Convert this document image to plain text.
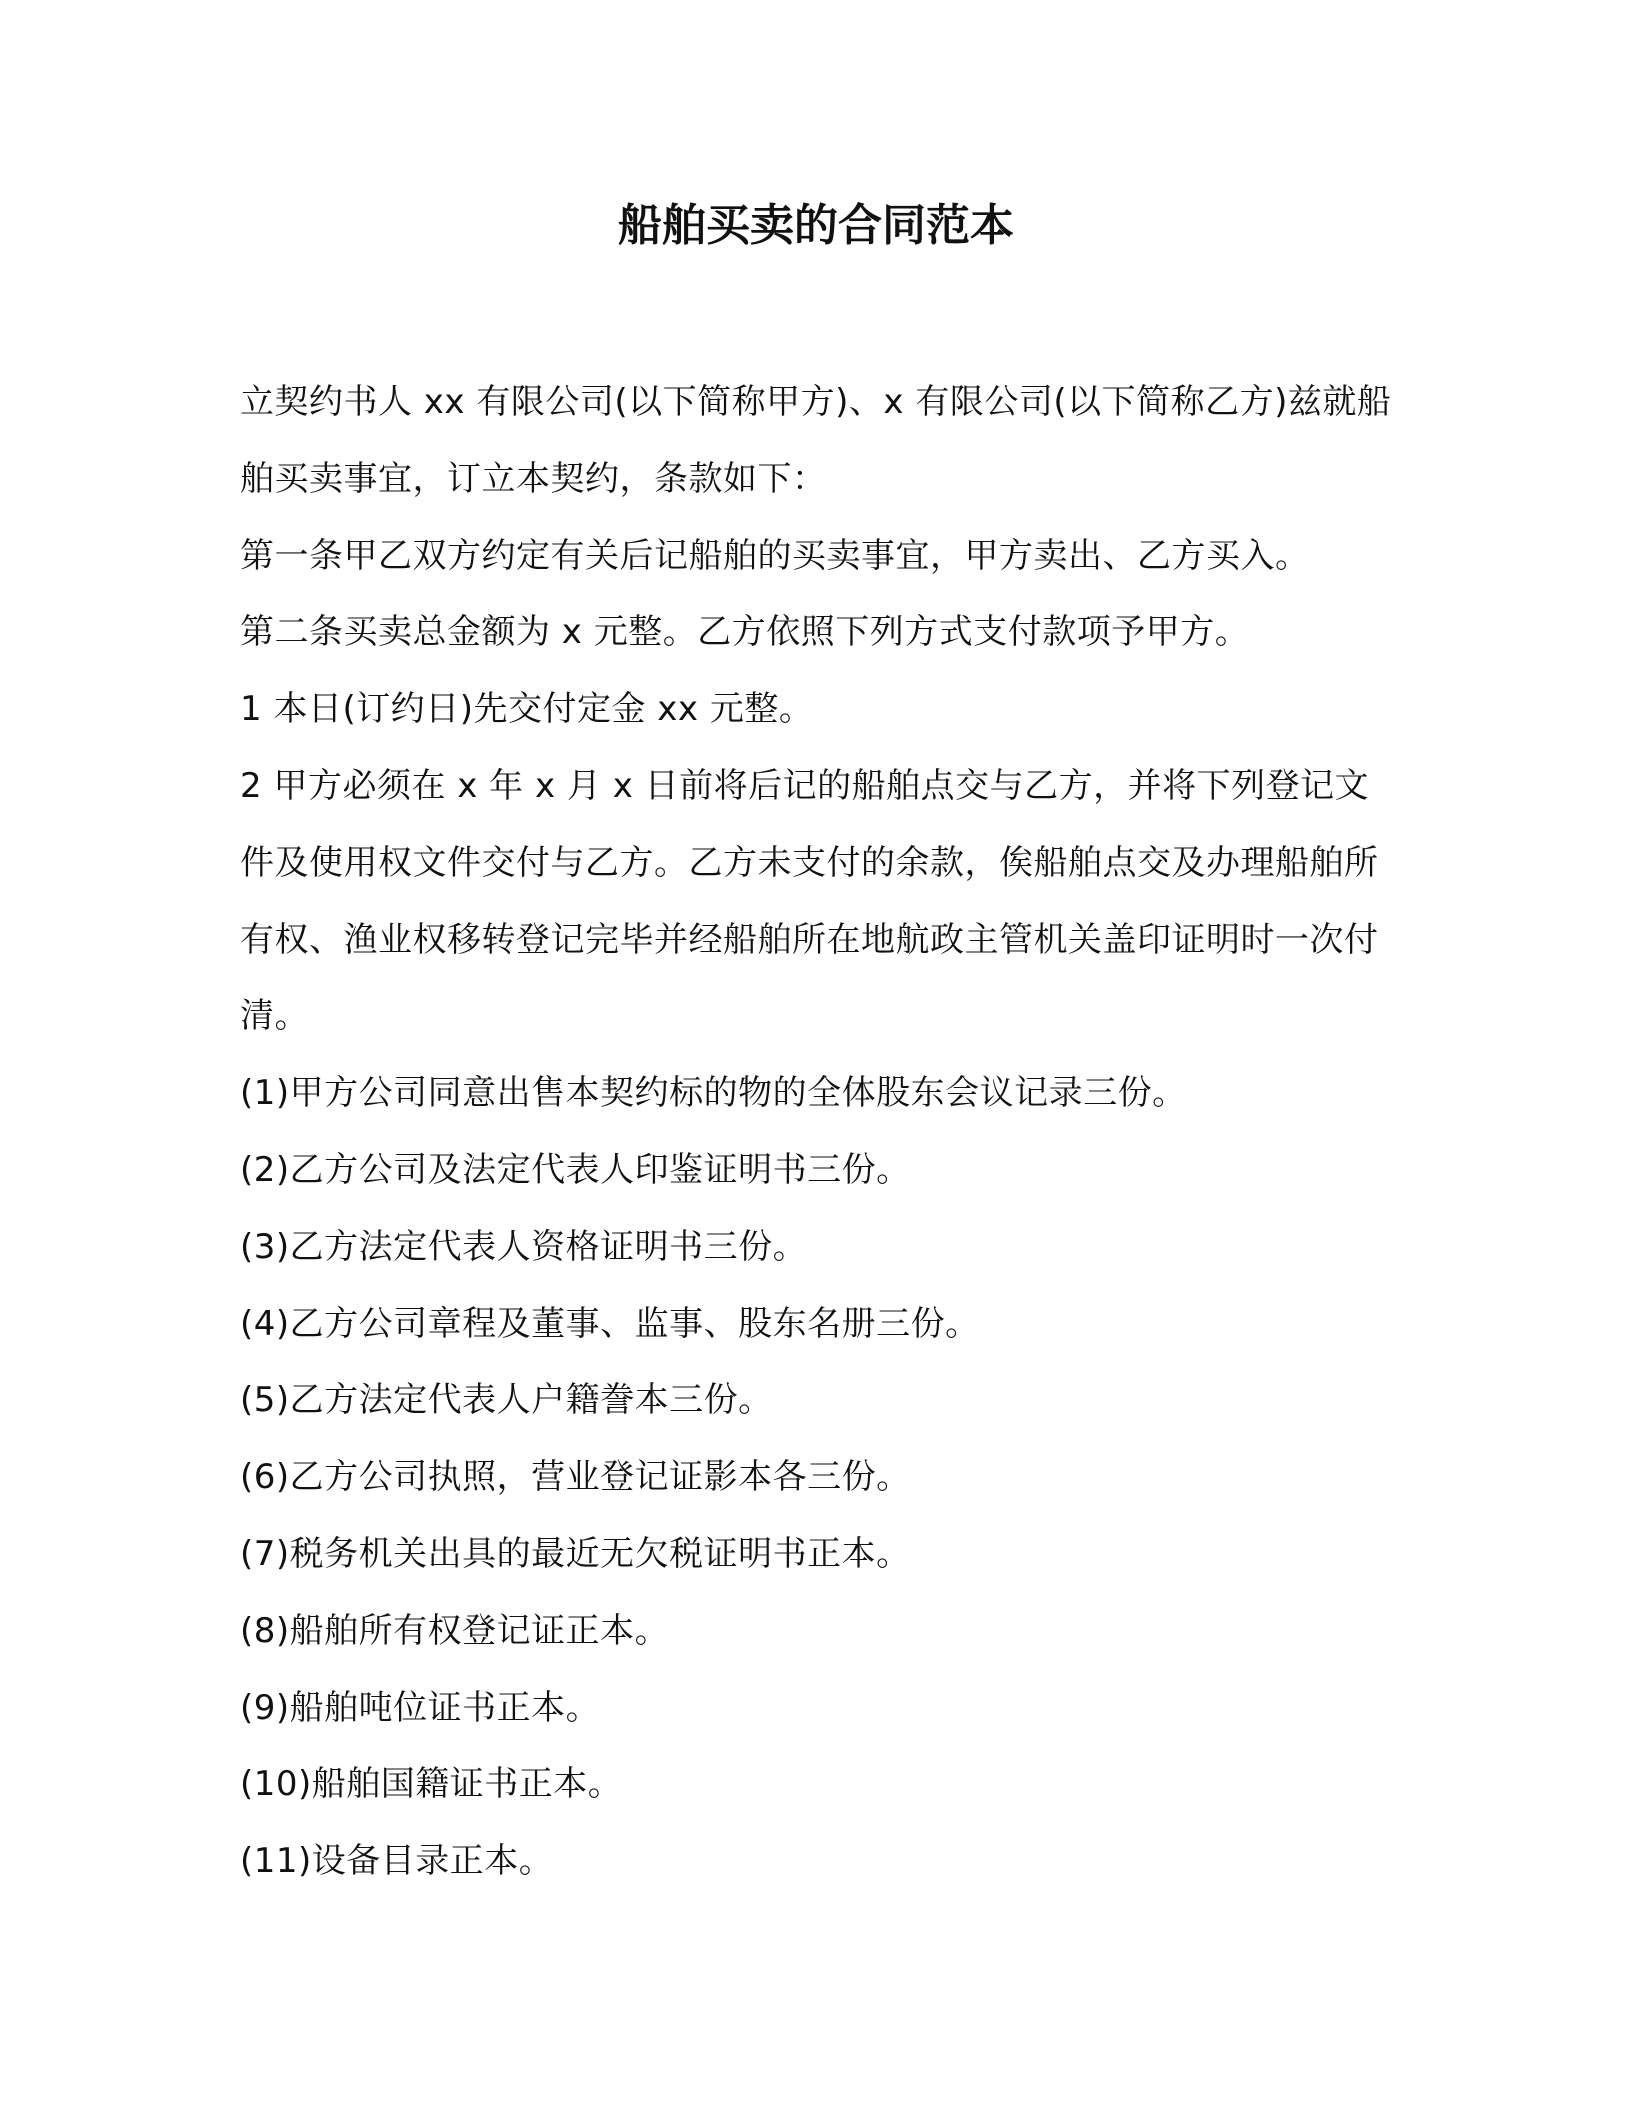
船舶买卖的合同范本

立契约书人 xx 有限公司(以下简称甲方)、x 有限公司(以下简称乙方)兹就船舶买卖事宜，订立本契约，条款如下：

第一条甲乙双方约定有关后记船舶的买卖事宜，甲方卖出、乙方买入。

第二条买卖总金额为 x 元整。乙方依照下列方式支付款项予甲方。

1 本日(订约日)先交付定金 xx 元整。

2 甲方必须在 x 年 x 月 x 日前将后记的船舶点交与乙方，并将下列登记文件及使用权文件交付与乙方。乙方未支付的余款，俟船舶点交及办理船舶所有权、渔业权移转登记完毕并经船舶所在地航政主管机关盖印证明时一次付清。

(1)甲方公司同意出售本契约标的物的全体股东会议记录三份。

(2)乙方公司及法定代表人印鉴证明书三份。

(3)乙方法定代表人资格证明书三份。

(4)乙方公司章程及董事、监事、股东名册三份。

(5)乙方法定代表人户籍誊本三份。

(6)乙方公司执照，营业登记证影本各三份。

(7)税务机关出具的最近无欠税证明书正本。

(8)船舶所有权登记证正本。

(9)船舶吨位证书正本。

(10)船舶国籍证书正本。

(11)设备目录正本。
